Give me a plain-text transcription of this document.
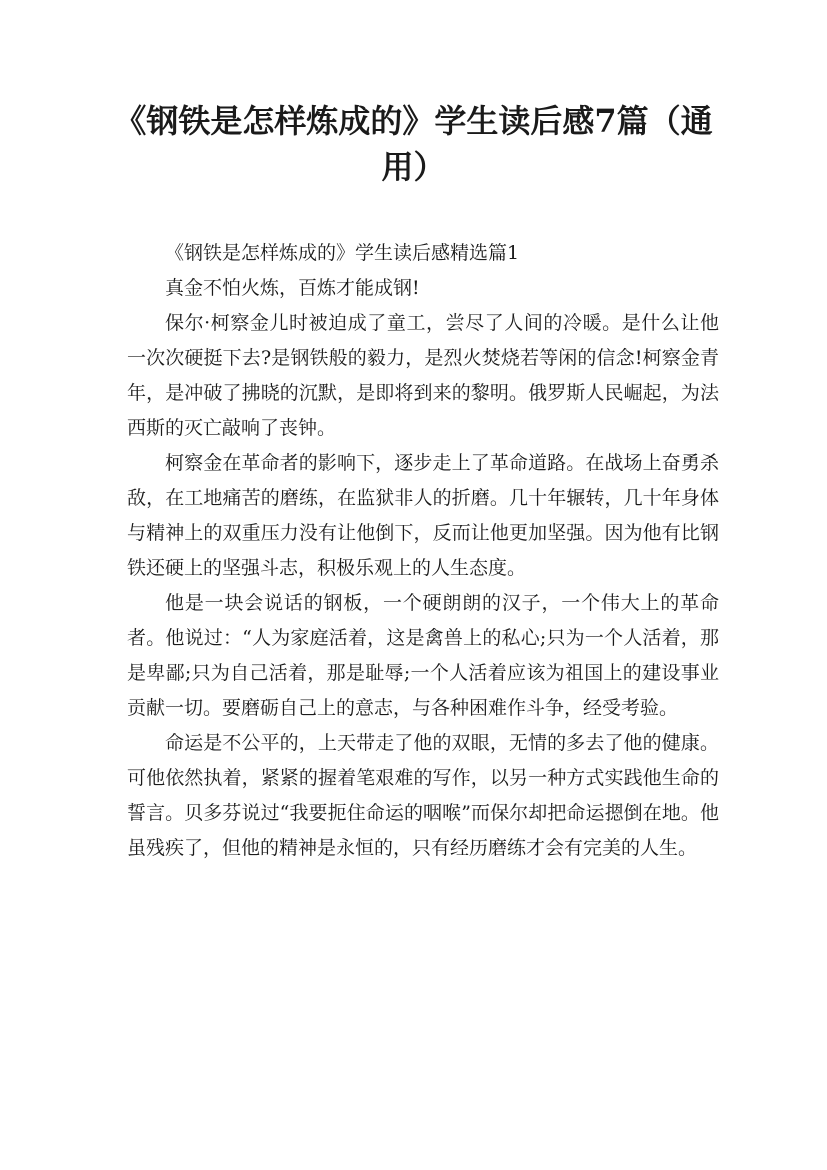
《钢铁是怎样炼成的》学生读后感7篇（通用）

《钢铁是怎样炼成的》学生读后感精选篇1

真金不怕火炼，百炼才能成钢!

保尔·柯察金儿时被迫成了童工，尝尽了人间的冷暖。是什么让他一次次硬挺下去?是钢铁般的毅力，是烈火焚烧若等闲的信念!柯察金青年，是冲破了拂晓的沉默，是即将到来的黎明。俄罗斯人民崛起，为法西斯的灭亡敲响了丧钟。

柯察金在革命者的影响下，逐步走上了革命道路。在战场上奋勇杀敌，在工地痛苦的磨练，在监狱非人的折磨。几十年辗转，几十年身体与精神上的双重压力没有让他倒下，反而让他更加坚强。因为他有比钢铁还硬上的坚强斗志，积极乐观上的人生态度。

他是一块会说话的钢板，一个硬朗朗的汉子，一个伟大上的革命者。他说过：“人为家庭活着，这是禽兽上的私心;只为一个人活着，那是卑鄙;只为自己活着，那是耻辱;一个人活着应该为祖国上的建设事业贡献一切。要磨砺自己上的意志，与各种困难作斗争，经受考验。

命运是不公平的，上天带走了他的双眼，无情的多去了他的健康。可他依然执着，紧紧的握着笔艰难的写作，以另一种方式实践他生命的誓言。贝多芬说过“我要扼住命运的咽喉”而保尔却把命运摁倒在地。他虽残疾了，但他的精神是永恒的，只有经历磨练才会有完美的人生。
